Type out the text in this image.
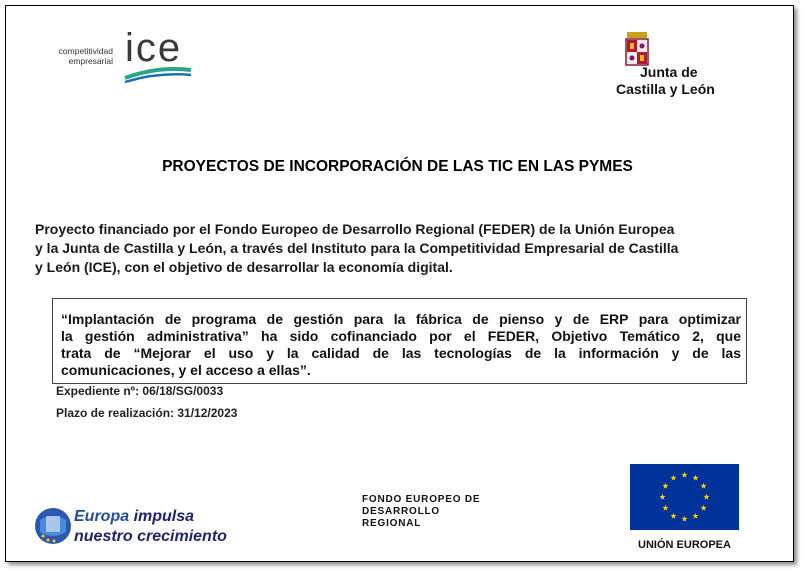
competitividad
empresarial ice
Junta de
Castilla y León
PROYECTOS DE INCORPORACIÓN DE LAS TIC EN LAS PYMES
Proyecto financiado por el Fondo Europeo de Desarrollo Regional (FEDER) de la Unión Europea
y la Junta de Castilla y León, a través del Instituto para la Competitividad Empresarial de Castilla
y León (ICE), con el objetivo de desarrollar la economía digital.
“Implantación de programa de gestión para la fábrica de pienso y de ERP para optimizar
la gestión administrativa” ha sido cofinanciado por el FEDER, Objetivo Temático 2, que
trata de “Mejorar el uso y la calidad de las tecnologías de la información y de las
comunicaciones, y el acceso a ellas”.
Expediente nº: 06/18/SG/0033
Plazo de realización: 31/12/2023
Europa impulsa
nuestro crecimiento
FONDO EUROPEO DE
DESARROLLO
REGIONAL
UNIÓN EUROPEA
